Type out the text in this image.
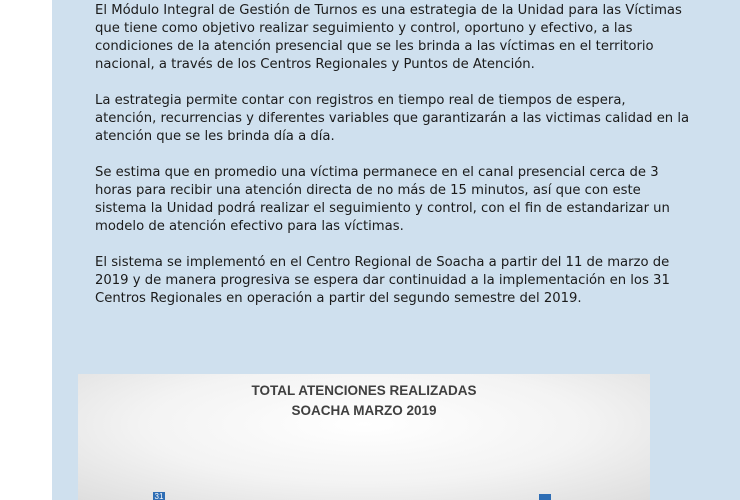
El Módulo Integral de Gestión de Turnos es una estrategia de la Unidad para las Víctimas que tiene como objetivo realizar seguimiento y control, oportuno y efectivo, a las condiciones de la atención presencial que se les brinda a las víctimas en el territorio nacional, a través de los Centros Regionales y Puntos de Atención.

La estrategia permite contar con registros en tiempo real de tiempos de espera, atención, recurrencias y diferentes variables que garantizarán a las victimas calidad en la atención que se les brinda día a día.

Se estima que en promedio una víctima permanece en el canal presencial cerca de 3 horas para recibir una atención directa de no más de 15 minutos, así que con este sistema la Unidad podrá realizar el seguimiento y control, con el fin de estandarizar un modelo de atención efectivo para las víctimas.

El sistema se implementó en el Centro Regional de Soacha a partir del 11 de marzo de 2019 y de manera progresiva se espera dar continuidad a la implementación en los 31 Centros Regionales en operación a partir del segundo semestre del 2019.

TOTAL ATENCIONES REALIZADAS
SOACHA MARZO 2019
31
